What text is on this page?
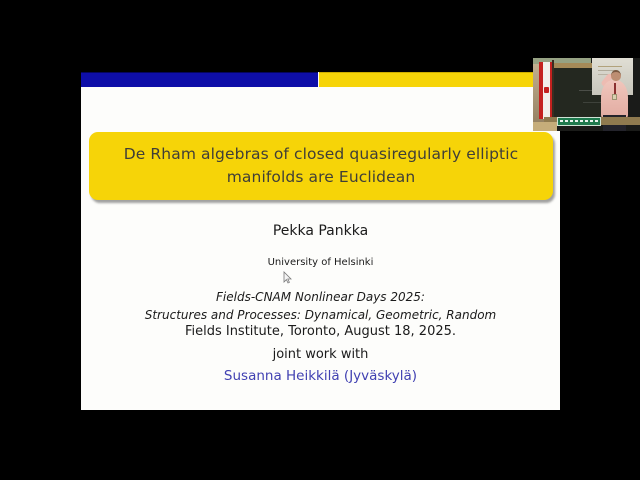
De Rham algebras of closed quasiregularly elliptic
manifolds are Euclidean
Pekka Pankka
University of Helsinki
Fields-CNAM Nonlinear Days 2025:
Structures and Processes: Dynamical, Geometric, Random
Fields Institute, Toronto, August 18, 2025.
joint work with
Susanna Heikkilä (Jyväskylä)
